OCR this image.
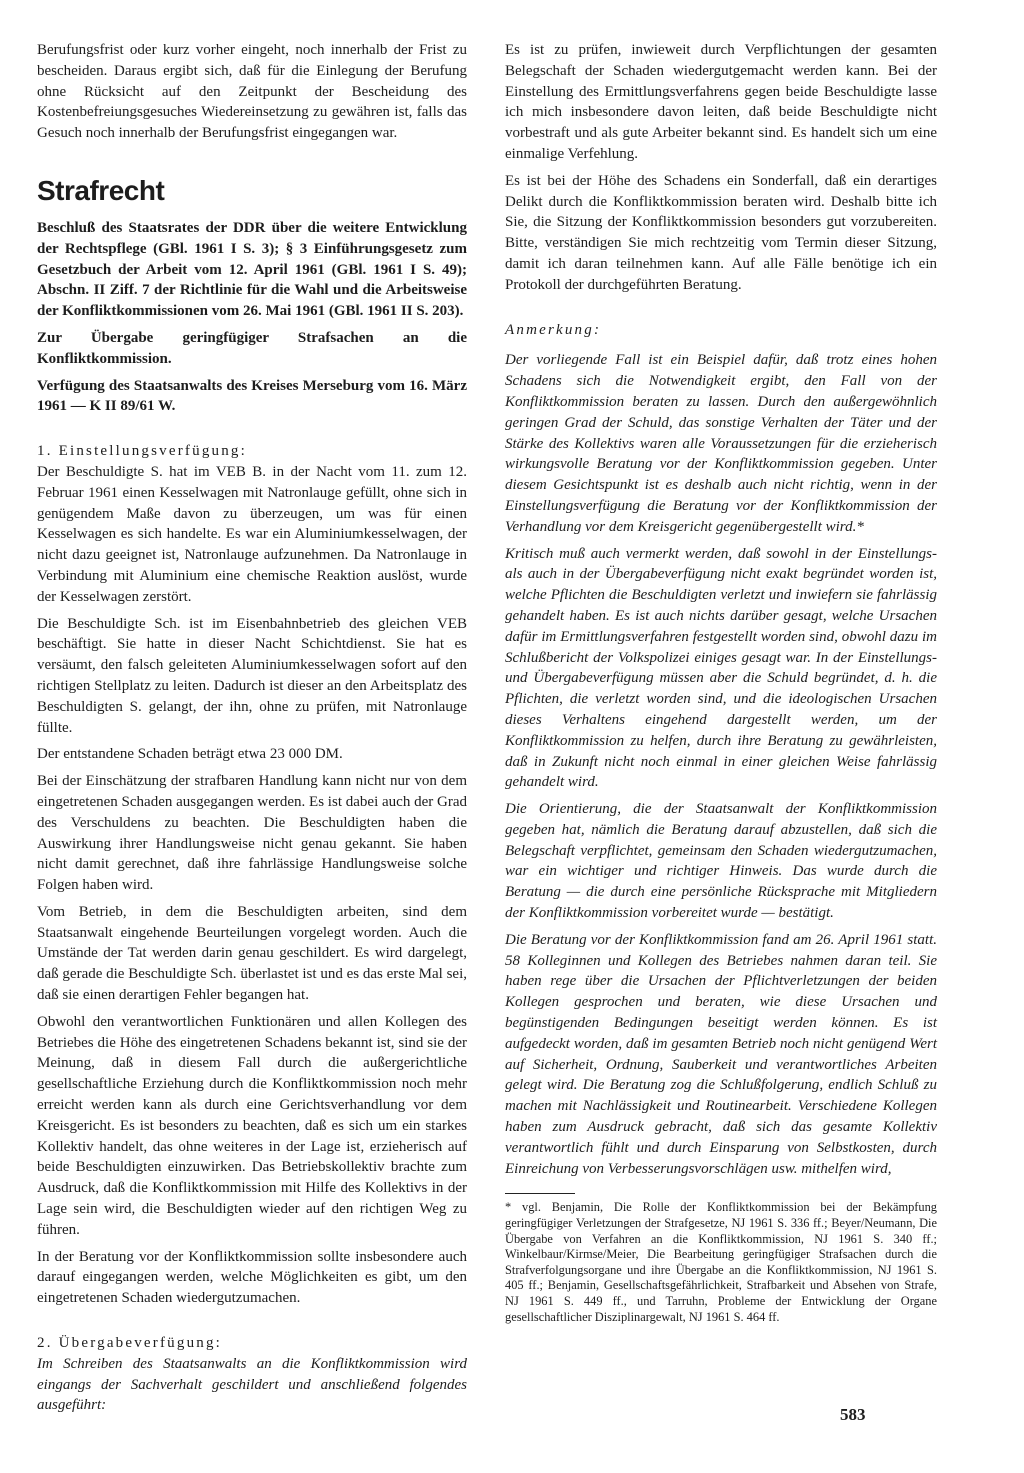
Berufungsfrist oder kurz vorher eingeht, noch innerhalb der Frist zu bescheiden. Daraus ergibt sich, daß für die Einlegung der Berufung ohne Rücksicht auf den Zeitpunkt der Bescheidung des Kostenbefreiungsgesuches Wiedereinsetzung zu gewähren ist, falls das Gesuch noch innerhalb der Berufungsfrist eingegangen war.

Strafrecht

Beschluß des Staatsrates der DDR über die weitere Entwicklung der Rechtspflege (GBl. 1961 I S. 3); § 3 Einführungsgesetz zum Gesetzbuch der Arbeit vom 12. April 1961 (GBl. 1961 I S. 49); Abschn. II Ziff. 7 der Richtlinie für die Wahl und die Arbeitsweise der Konfliktkommissionen vom 26. Mai 1961 (GBl. 1961 II S. 203).

Zur Übergabe geringfügiger Strafsachen an die Konfliktkommission.

Verfügung des Staatsanwalts des Kreises Merseburg vom 16. März 1961 — K II 89/61 W.

1. Einstellungsverfügung:

Der Beschuldigte S. hat im VEB B. in der Nacht vom 11. zum 12. Februar 1961 einen Kesselwagen mit Natronlauge gefüllt, ohne sich in genügendem Maße davon zu überzeugen, um was für einen Kesselwagen es sich handelte. Es war ein Aluminiumkesselwagen, der nicht dazu geeignet ist, Natronlauge aufzunehmen. Da Natronlauge in Verbindung mit Aluminium eine chemische Reaktion auslöst, wurde der Kesselwagen zerstört.

Die Beschuldigte Sch. ist im Eisenbahnbetrieb des gleichen VEB beschäftigt. Sie hatte in dieser Nacht Schichtdienst. Sie hat es versäumt, den falsch geleiteten Aluminiumkesselwagen sofort auf den richtigen Stellplatz zu leiten. Dadurch ist dieser an den Arbeitsplatz des Beschuldigten S. gelangt, der ihn, ohne zu prüfen, mit Natronlauge füllte.

Der entstandene Schaden beträgt etwa 23 000 DM.

Bei der Einschätzung der strafbaren Handlung kann nicht nur von dem eingetretenen Schaden ausgegangen werden. Es ist dabei auch der Grad des Verschuldens zu beachten. Die Beschuldigten haben die Auswirkung ihrer Handlungsweise nicht genau gekannt. Sie haben nicht damit gerechnet, daß ihre fahrlässige Handlungsweise solche Folgen haben wird.

Vom Betrieb, in dem die Beschuldigten arbeiten, sind dem Staatsanwalt eingehende Beurteilungen vorgelegt worden. Auch die Umstände der Tat werden darin genau geschildert. Es wird dargelegt, daß gerade die Beschuldigte Sch. überlastet ist und es das erste Mal sei, daß sie einen derartigen Fehler begangen hat.

Obwohl den verantwortlichen Funktionären und allen Kollegen des Betriebes die Höhe des eingetretenen Schadens bekannt ist, sind sie der Meinung, daß in diesem Fall durch die außergerichtliche gesellschaftliche Erziehung durch die Konfliktkommission noch mehr erreicht werden kann als durch eine Gerichtsverhandlung vor dem Kreisgericht. Es ist besonders zu beachten, daß es sich um ein starkes Kollektiv handelt, das ohne weiteres in der Lage ist, erzieherisch auf beide Beschuldigten einzuwirken. Das Betriebskollektiv brachte zum Ausdruck, daß die Konfliktkommission mit Hilfe des Kollektivs in der Lage sein wird, die Beschuldigten wieder auf den richtigen Weg zu führen.

In der Beratung vor der Konfliktkommission sollte insbesondere auch darauf eingegangen werden, welche Möglichkeiten es gibt, um den eingetretenen Schaden wiedergutzumachen.

2. Übergabeverfügung:

Im Schreiben des Staatsanwalts an die Konfliktkommission wird eingangs der Sachverhalt geschildert und anschließend folgendes ausgeführt:

Es ist zu prüfen, inwieweit durch Verpflichtungen der gesamten Belegschaft der Schaden wiedergutgemacht werden kann. Bei der Einstellung des Ermittlungsverfahrens gegen beide Beschuldigte lasse ich mich insbesondere davon leiten, daß beide Beschuldigte nicht vorbestraft und als gute Arbeiter bekannt sind. Es handelt sich um eine einmalige Verfehlung.

Es ist bei der Höhe des Schadens ein Sonderfall, daß ein derartiges Delikt durch die Konfliktkommission beraten wird. Deshalb bitte ich Sie, die Sitzung der Konfliktkommission besonders gut vorzubereiten. Bitte, verständigen Sie mich rechtzeitig vom Termin dieser Sitzung, damit ich daran teilnehmen kann. Auf alle Fälle benötige ich ein Protokoll der durchgeführten Beratung.

Anmerkung:

Der vorliegende Fall ist ein Beispiel dafür, daß trotz eines hohen Schadens sich die Notwendigkeit ergibt, den Fall von der Konfliktkommission beraten zu lassen. Durch den außergewöhnlich geringen Grad der Schuld, das sonstige Verhalten der Täter und der Stärke des Kollektivs waren alle Voraussetzungen für die erzieherisch wirkungsvolle Beratung vor der Konfliktkommission gegeben. Unter diesem Gesichtspunkt ist es deshalb auch nicht richtig, wenn in der Einstellungsverfügung die Beratung vor der Konfliktkommission der Verhandlung vor dem Kreisgericht gegenübergestellt wird.*

Kritisch muß auch vermerkt werden, daß sowohl in der Einstellungs- als auch in der Übergabeverfügung nicht exakt begründet worden ist, welche Pflichten die Beschuldigten verletzt und inwiefern sie fahrlässig gehandelt haben. Es ist auch nichts darüber gesagt, welche Ursachen dafür im Ermittlungsverfahren festgestellt worden sind, obwohl dazu im Schlußbericht der Volkspolizei einiges gesagt war. In der Einstellungs- und Übergabeverfügung müssen aber die Schuld begründet, d. h. die Pflichten, die verletzt worden sind, und die ideologischen Ursachen dieses Verhaltens eingehend dargestellt werden, um der Konfliktkommission zu helfen, durch ihre Beratung zu gewährleisten, daß in Zukunft nicht noch einmal in einer gleichen Weise fahrlässig gehandelt wird.

Die Orientierung, die der Staatsanwalt der Konfliktkommission gegeben hat, nämlich die Beratung darauf abzustellen, daß sich die Belegschaft verpflichtet, gemeinsam den Schaden wiedergutzumachen, war ein wichtiger und richtiger Hinweis. Das wurde durch die Beratung — die durch eine persönliche Rücksprache mit Mitgliedern der Konfliktkommission vorbereitet wurde — bestätigt.

Die Beratung vor der Konfliktkommission fand am 26. April 1961 statt. 58 Kolleginnen und Kollegen des Betriebes nahmen daran teil. Sie haben rege über die Ursachen der Pflichtverletzungen der beiden Kollegen gesprochen und beraten, wie diese Ursachen und begünstigenden Bedingungen beseitigt werden können. Es ist aufgedeckt worden, daß im gesamten Betrieb noch nicht genügend Wert auf Sicherheit, Ordnung, Sauberkeit und verantwortliches Arbeiten gelegt wird. Die Beratung zog die Schlußfolgerung, endlich Schluß zu machen mit Nachlässigkeit und Routinearbeit. Verschiedene Kollegen haben zum Ausdruck gebracht, daß sich das gesamte Kollektiv verantwortlich fühlt und durch Einsparung von Selbstkosten, durch Einreichung von Verbesserungsvorschlägen usw. mithelfen wird,

* vgl. Benjamin, Die Rolle der Konfliktkommission bei der Bekämpfung geringfügiger Verletzungen der Strafgesetze, NJ 1961 S. 336 ff.; Beyer/Neumann, Die Übergabe von Verfahren an die Konfliktkommission, NJ 1961 S. 340 ff.; Winkelbaur/Kirmse/Meier, Die Bearbeitung geringfügiger Strafsachen durch die Strafverfolgungsorgane und ihre Übergabe an die Konfliktkommission, NJ 1961 S. 405 ff.; Benjamin, Gesellschaftsgefährlichkeit, Strafbarkeit und Absehen von Strafe, NJ 1961 S. 449 ff., und Tarruhn, Probleme der Entwicklung der Organe gesellschaftlicher Disziplinargewalt, NJ 1961 S. 464 ff.

583
